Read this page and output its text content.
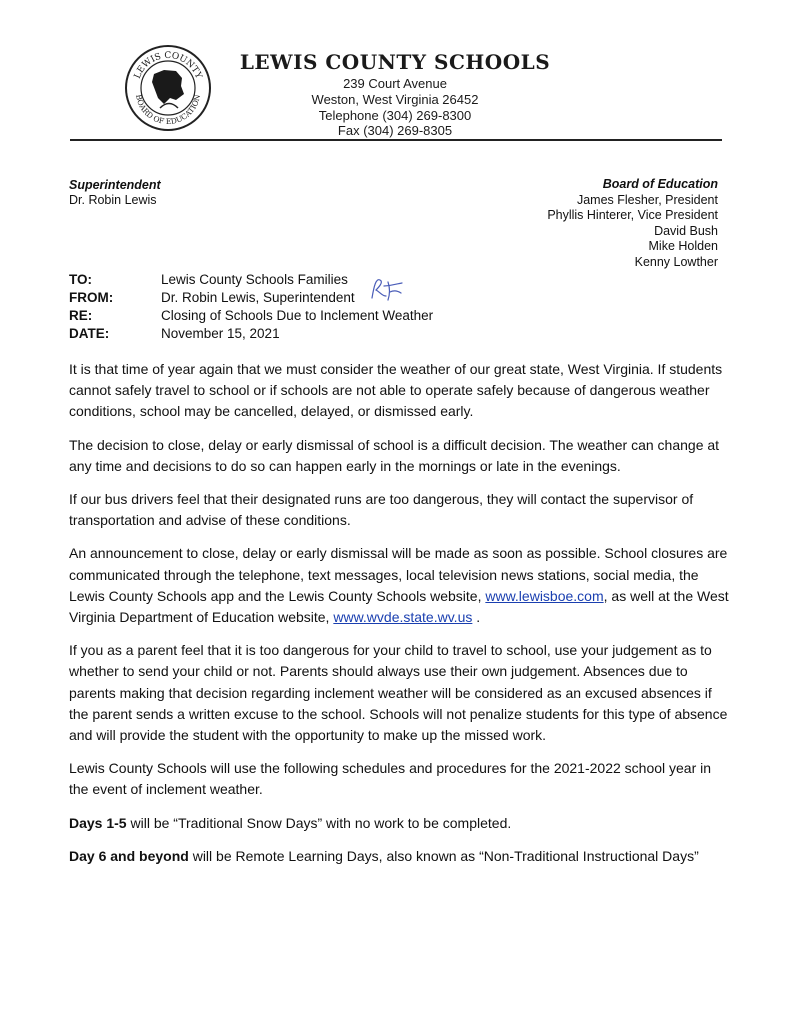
LEWIS COUNTY
BOARD OF EDUCATION
LEWIS COUNTY SCHOOLS
239 Court Avenue
Weston, West Virginia 26452
Telephone (304) 269-8300
Fax (304) 269-8305
Superintendent
Dr. Robin Lewis
Board of Education
James Flesher, President
Phyllis Hinterer, Vice President
David Bush
Mike Holden
Kenny Lowther
TO:	Lewis County Schools Families
FROM:	Dr. Robin Lewis, Superintendent
RE:	Closing of Schools Due to Inclement Weather
DATE:	November 15, 2021

It is that time of year again that we must consider the weather of our great state, West Virginia. If students cannot safely travel to school or if schools are not able to operate safely because of dangerous weather conditions, school may be cancelled, delayed, or dismissed early.

The decision to close, delay or early dismissal of school is a difficult decision. The weather can change at any time and decisions to do so can happen early in the mornings or late in the evenings.

If our bus drivers feel that their designated runs are too dangerous, they will contact the supervisor of transportation and advise of these conditions.

An announcement to close, delay or early dismissal will be made as soon as possible. School closures are communicated through the telephone, text messages, local television news stations, social media, the Lewis County Schools app and the Lewis County Schools website, www.lewisboe.com, as well at the West Virginia Department of Education website, www.wvde.state.wv.us .

If you as a parent feel that it is too dangerous for your child to travel to school, use your judgement as to whether to send your child or not. Parents should always use their own judgement. Absences due to parents making that decision regarding inclement weather will be considered as an excused absences if the parent sends a written excuse to the school. Schools will not penalize students for this type of absence and will provide the student with the opportunity to make up the missed work.

Lewis County Schools will use the following schedules and procedures for the 2021-2022 school year in the event of inclement weather.

Days 1-5 will be “Traditional Snow Days” with no work to be completed.

Day 6 and beyond will be Remote Learning Days, also known as “Non-Traditional Instructional Days”
